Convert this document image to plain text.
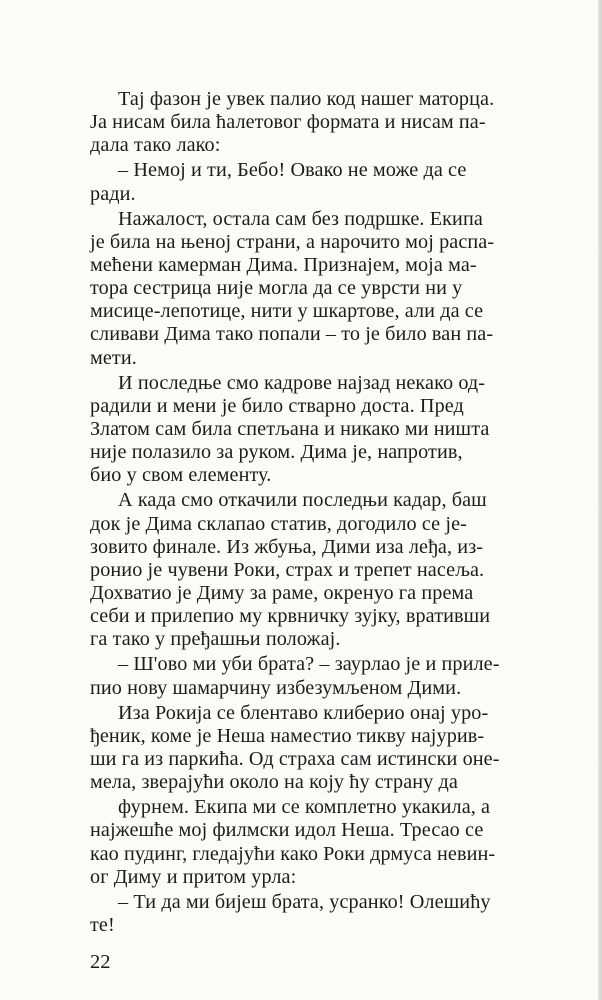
Тај фазон је увек палио код нашег маторца.
Ја нисам била ћалетовог формата и нисам па-
дала тако лако:
– Немој и ти, Бебо! Овако не може да се
ради.
Нажалост, остала сам без подршке. Екипа
је била на њеној страни, а нарочито мој распа-
мећени камерман Дима. Признајем, моја ма-
тора сестрица није могла да се уврсти ни у
мисице-лепотице, нити у шкартове, али да се
сливави Дима тако попали – то је било ван па-
мети.
И последње смо кадрове најзад некако од-
радили и мени је било стварно доста. Пред
Златом сам била спетљана и никако ми ништа
није полазило за руком. Дима је, напротив,
био у свом елементу.
А када смо откачили последњи кадар, баш
док је Дима склапао статив, догодило се је-
зовито финале. Из жбуња, Дими иза леђа, из-
ронио је чувени Роки, страх и трепет насеља.
Дохватио је Диму за раме, окренуо га према
себи и прилепио му крвничку зујку, вративши
га тако у пређашњи положај.
– Ш'ово ми уби брата? – заурлао је и приле-
пио нову шамарчину избезумљеном Дими.
Иза Рокија се блентаво клиберио онај уро-
ђеник, коме је Неша наместио тикву најурив-
ши га из паркића. Од страха сам истински оне-
мела, зверајући около на коју ћу страну да
фурнем. Екипа ми се комплетно укакила, а
најжешће мој филмски идол Неша. Тресао се
као пудинг, гледајући како Роки дрмуса невин-
ог Диму и притом урла:
– Ти да ми бијеш брата, усранко! Олешићу
те!
22
